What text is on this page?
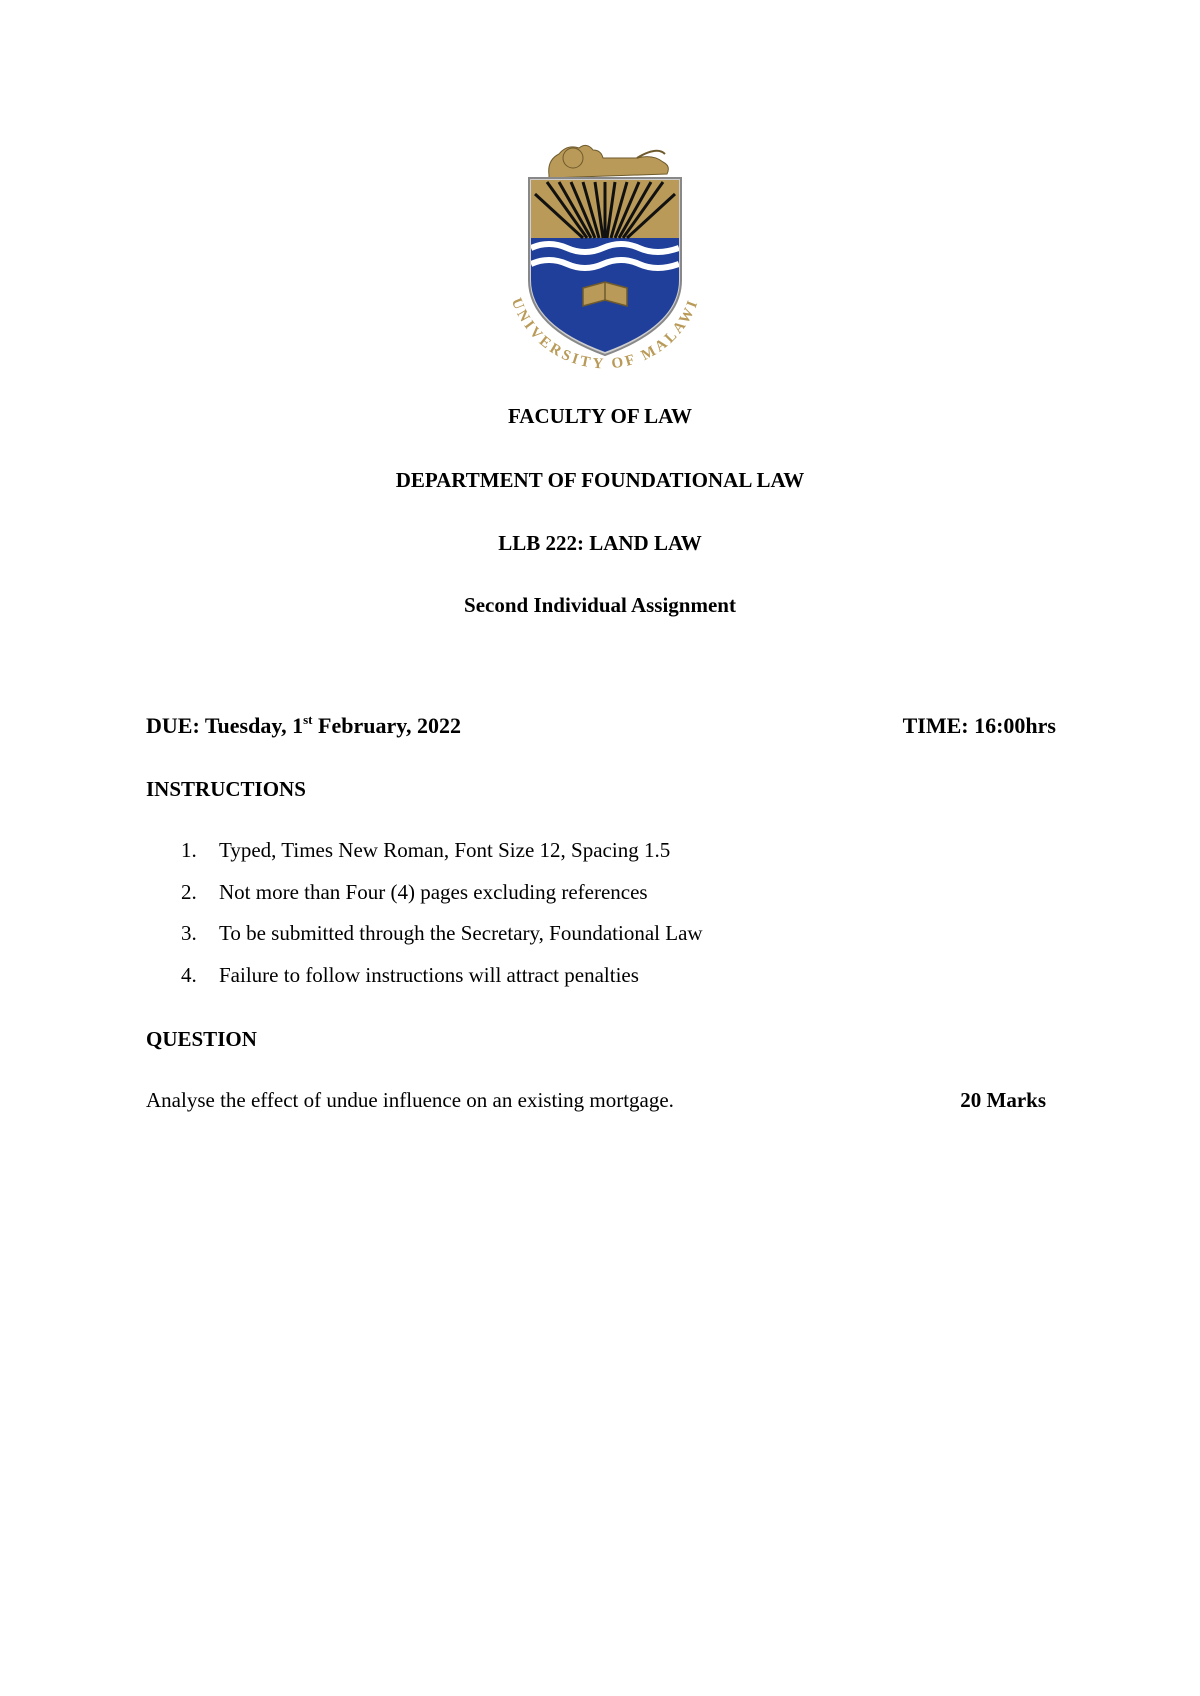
UNIVERSITY OF MALAWI
FACULTY OF LAW
DEPARTMENT OF FOUNDATIONAL LAW
LLB 222: LAND LAW
Second Individual Assignment
DUE: Tuesday, 1st February, 2022	TIME: 16:00hrs
INSTRUCTIONS
1.	Typed, Times New Roman, Font Size 12, Spacing 1.5
2.	Not more than Four (4) pages excluding references
3.	To be submitted through the Secretary, Foundational Law
4.	Failure to follow instructions will attract penalties
QUESTION
Analyse the effect of undue influence on an existing mortgage.	20 Marks
